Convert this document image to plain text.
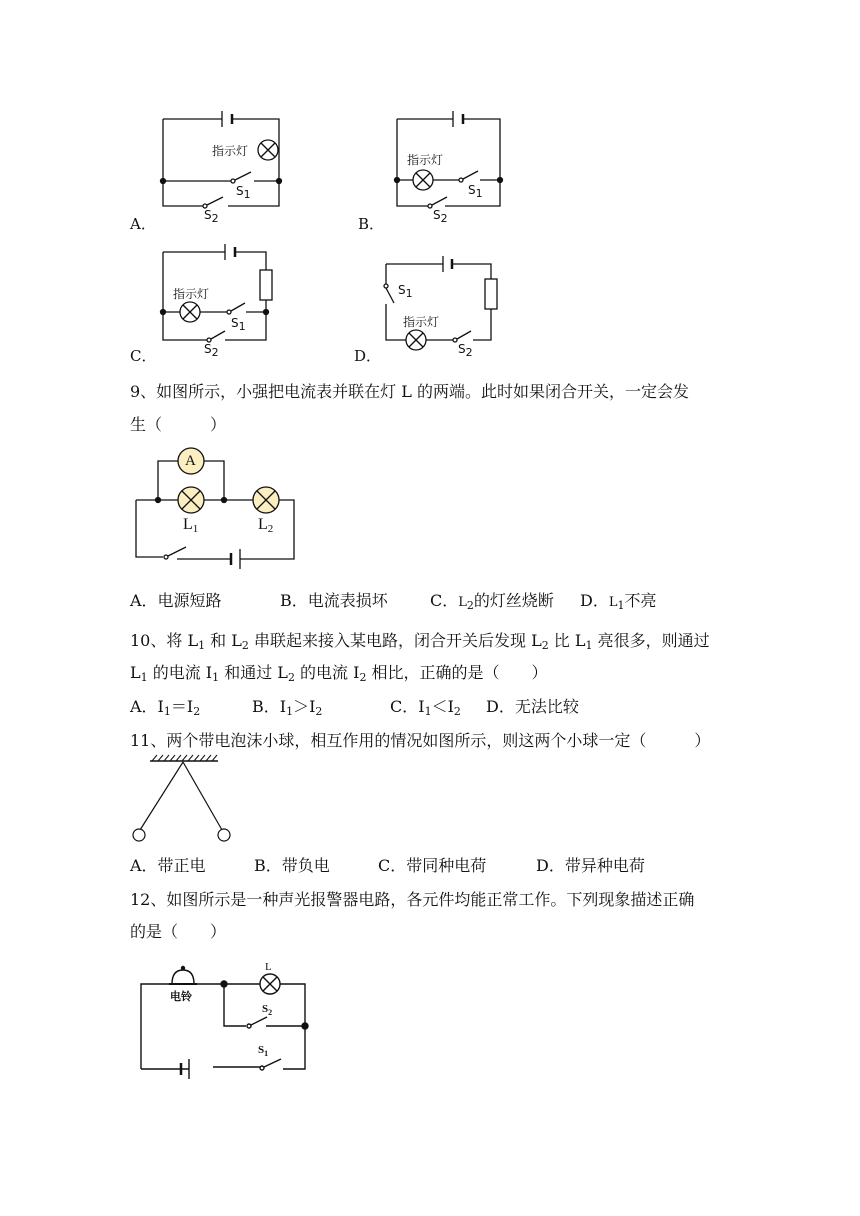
A．	B．
C．	D．
指示灯
$S_1$
$S_2$
指示灯
$S_1$
$S_2$
指示灯
$S_1$
$S_2$
$S_1$
指示灯
$S_2$
9、如图所示，小强把电流表并联在灯 L 的两端。此时如果闭合开关，一定会发
生（　　　）
A
$L_1$	$L_2$
A．电源短路	B．电流表损坏	C．$L_2$的灯丝烧断 D．$L_1$不亮
10、将 $L_1$ 和 $L_2$ 串联起来接入某电路，闭合开关后发现 $L_2$ 比 $L_1$ 亮很多，则通过
$L_1$ 的电流 $I_1$ 和通过 $L_2$ 的电流 $I_2$ 相比，正确的是（　　）
A．$I_1=I_2$	B．$I_1>I_2$	C．$I_1<I_2$ D．无法比较
11、两个带电泡沫小球，相互作用的情况如图所示，则这两个小球一定（　　　）
A．带正电	B．带负电	C．带同种电荷	D．带异种电荷
12、如图所示是一种声光报警器电路，各元件均能正常工作。下列现象描述正确
的是（　　）
电铃
L
$S_2$
$S_1$
